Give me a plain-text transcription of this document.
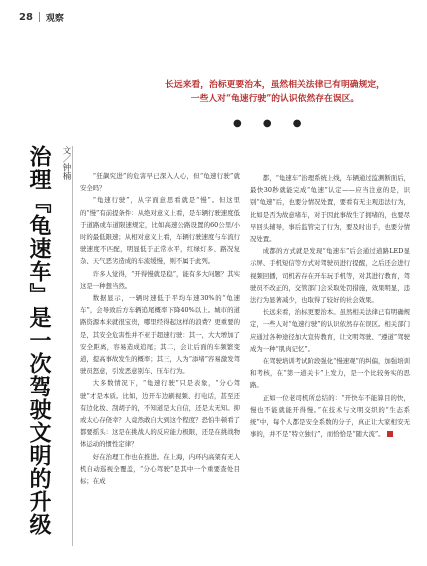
28 观察
长远来看，治标更要治本，虽然相关法律已有明确规定，
一些人对“龟速行驶”的认识依然存在误区。
● ● ●
治理『龟速车』是一次驾驶文明的升级	文／钟楠	“狂飙究进”的危害早已深入人心，但“龟速行驶”就安全吗？

“龟速行驶”，从字面意思看就是“慢”。但这里的“慢”有前提条件：从绝对意义上看，是车辆行驶速度低于道路或车道限速规定，比如高速公路设置的60公里/小时的最低限速；从相对意义上看，车辆行驶速度与车流行驶速度不匹配，明显低于正常水平，红绿灯多、路况复杂、天气恶劣造成的车流缓慢，则不属于此列。

许多人觉得，“开得慢就是稳”，能有多大问题？其实这是一种想当然。

数据显示，一辆时速低于平均车速30%的“龟速车”，会导致后方车辆追尾概率下降40%以上。城市的道路资源本来就很宝贵，哪里经得起这样的浪费？更重要的是，其安全危害性并不亚于超速行驶：其一，大大增加了安全距离，容易造成追尾；其二，会让后面的车频繁变道，提高事故发生的概率；其三，人为“添堵”容易激发驾驶员怒意，引发恶意别车、压车行为。

大多数情况下，“龟速行驶”只是表象，“分心驾驶”才是本质。比如，边开车边刷视频、打电话，甚至还有边化妆、刮胡子的，不知道是太自信，还是太无知。抑或太心存侥幸？人竟然敢自大到这个程度？恐怕牛顿看了都要摇头：这是在挑战人的反应能力极限，还是在挑战物体运动的惯性定律？

好在治理工作也在推进。在上海，内环内高架有无人机自动巡视全覆盖，“分心驾驶”是其中一个重要查处目标；在成

都，“龟速车”治理系统上线，车辆通过监测断面后，最快30秒就能完成“龟速”认定——应当注意的是，识别“龟速”后，也要分情况处置，要看有无主观违法行为，比如是否为故意堵车，对于因此事故生了拥堵的，也要尽早回头辅导，事后监管完了行为，要及时出手，也要分情况处置。

成都的方式就是发现“龟速车”后会通过道路LED显示屏、手机短信等方式对驾驶员进行提醒，之后还会进行视频回播，司机若存在开车玩手机等，对其进行教育，驾驶员不改正的，交管部门会采取处罚措施，效果明显，违法行为显著减少，也取得了较好的社会效果。

长远来看，治标更要治本。虽然相关法律已有明确规定，一些人对“龟速行驶”的认识依然存在误区。相关部门应通过各种途径加大宣传教育，让文明驾驶、“遵道”驾驶成为一种“肌肉记忆”。

在驾驶培训考试阶段强化“慢速观”的纠偏，加强培训和考核，在“第一道关卡”上发力，是一个比较务实的思路。

正如一位老司机所总结的：“开快车不能算目的快，慢也不能就能开得慢。”在技术与文明交织的“生态系统”中，每个人都是安全系数的分子，真正让大家相安无事的，并不是“特立独行”，而恰恰是“随大流”。
